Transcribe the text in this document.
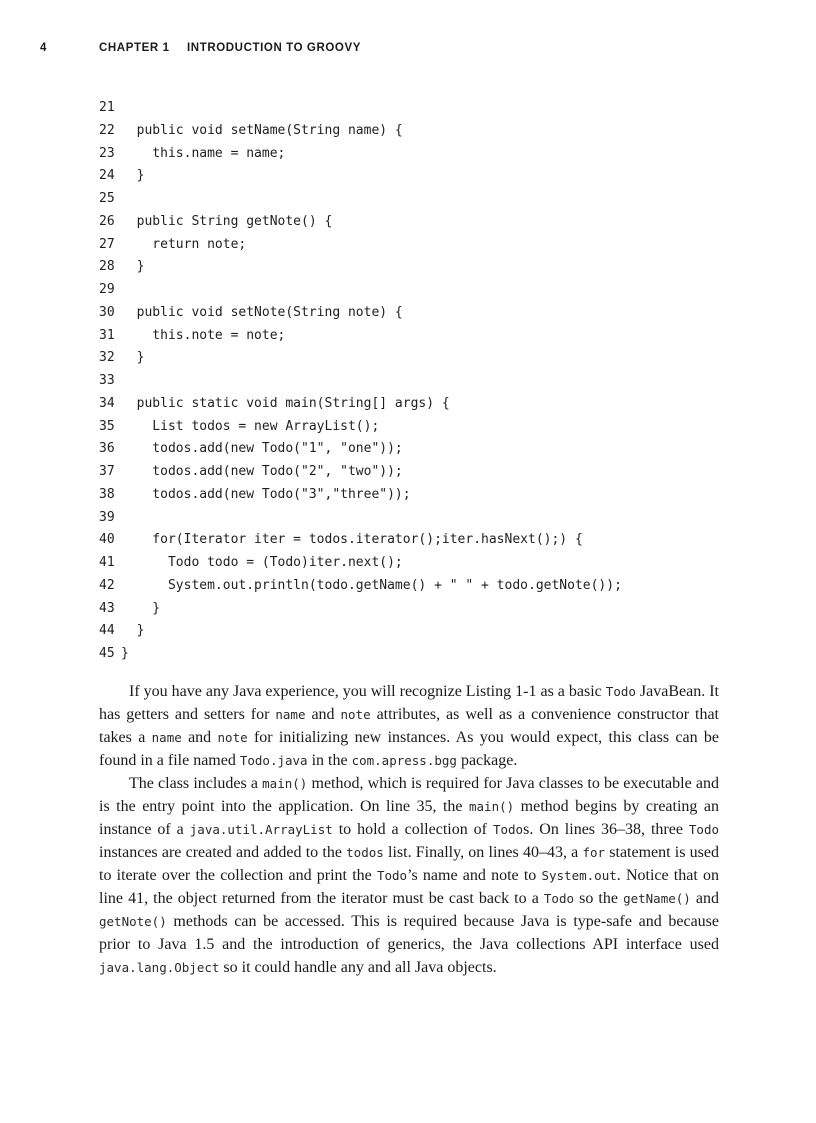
4	CHAPTER 1 INTRODUCTION TO GROOVY
21
22  public void setName(String name) {
23    this.name = name;
24  }
25
26  public String getNote() {
27    return note;
28  }
29
30  public void setNote(String note) {
31    this.note = note;
32  }
33
34  public static void main(String[] args) {
35    List todos = new ArrayList();
36    todos.add(new Todo("1", "one"));
37    todos.add(new Todo("2", "two"));
38    todos.add(new Todo("3","three"));
39
40    for(Iterator iter = todos.iterator();iter.hasNext();) {
41      Todo todo = (Todo)iter.next();
42      System.out.println(todo.getName() + " " + todo.getNote());
43    }
44  }
45 }

If you have any Java experience, you will recognize Listing 1-1 as a basic Todo JavaBean. It has getters and setters for name and note attributes, as well as a convenience constructor that takes a name and note for initializing new instances. As you would expect, this class can be found in a file named Todo.java in the com.apress.bgg package.

The class includes a main() method, which is required for Java classes to be executable and is the entry point into the application. On line 35, the main() method begins by creating an instance of a java.util.ArrayList to hold a collection of Todos. On lines 36–38, three Todo instances are created and added to the todos list. Finally, on lines 40–43, a for statement is used to iterate over the collection and print the Todo’s name and note to System.out. Notice that on line 41, the object returned from the iterator must be cast back to a Todo so the getName() and getNote() methods can be accessed. This is required because Java is type-safe and because prior to Java 1.5 and the introduction of generics, the Java collections API interface used java.lang.Object so it could handle any and all Java objects.
